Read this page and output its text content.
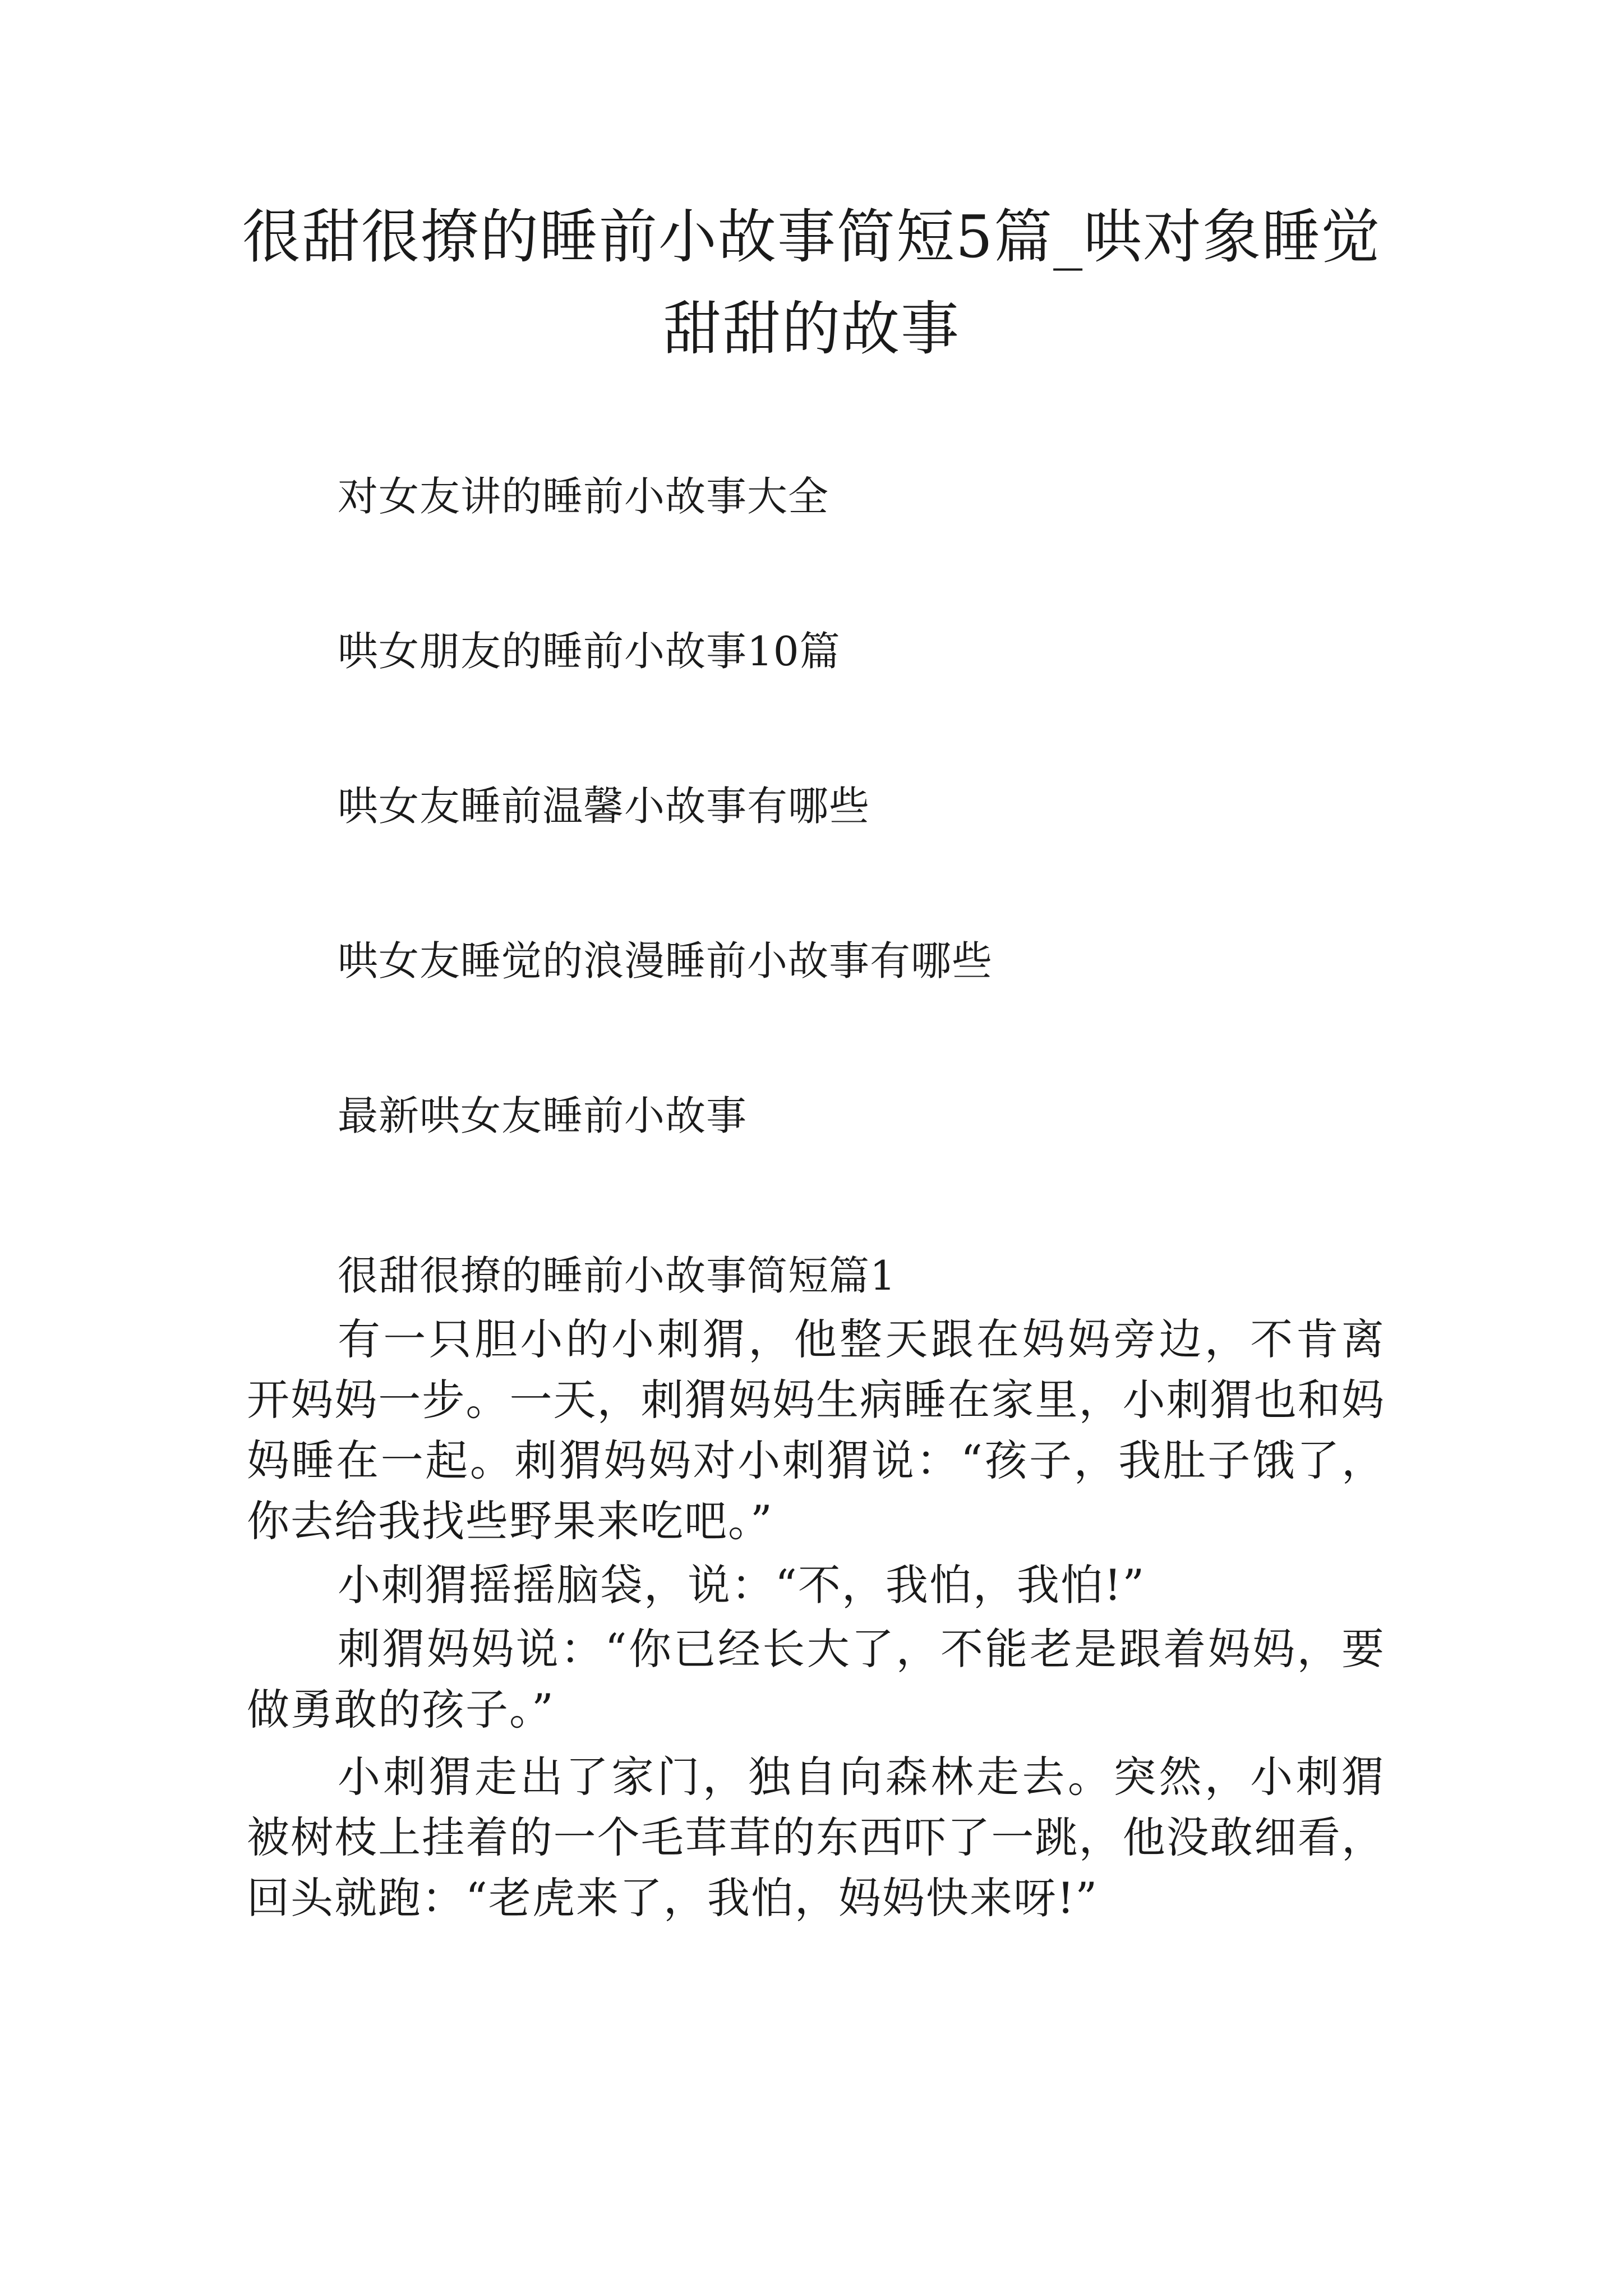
很甜很撩的睡前小故事简短5篇_哄对象睡觉甜甜的故事
对女友讲的睡前小故事大全
哄女朋友的睡前小故事10篇
哄女友睡前温馨小故事有哪些
哄女友睡觉的浪漫睡前小故事有哪些
最新哄女友睡前小故事

很甜很撩的睡前小故事简短篇1

有一只胆小的小刺猬，他整天跟在妈妈旁边，不肯离开妈妈一步。一天，刺猬妈妈生病睡在家里，小刺猬也和妈妈睡在一起。刺猬妈妈对小刺猬说：“孩子，我肚子饿了，你去给我找些野果来吃吧。”

小刺猬摇摇脑袋，说：“不，我怕，我怕!”

刺猬妈妈说：“你已经长大了，不能老是跟着妈妈，要做勇敢的孩子。”

小刺猬走出了家门，独自向森林走去。突然，小刺猬被树枝上挂着的一个毛茸茸的东西吓了一跳，他没敢细看，回头就跑：“老虎来了，我怕，妈妈快来呀!”
